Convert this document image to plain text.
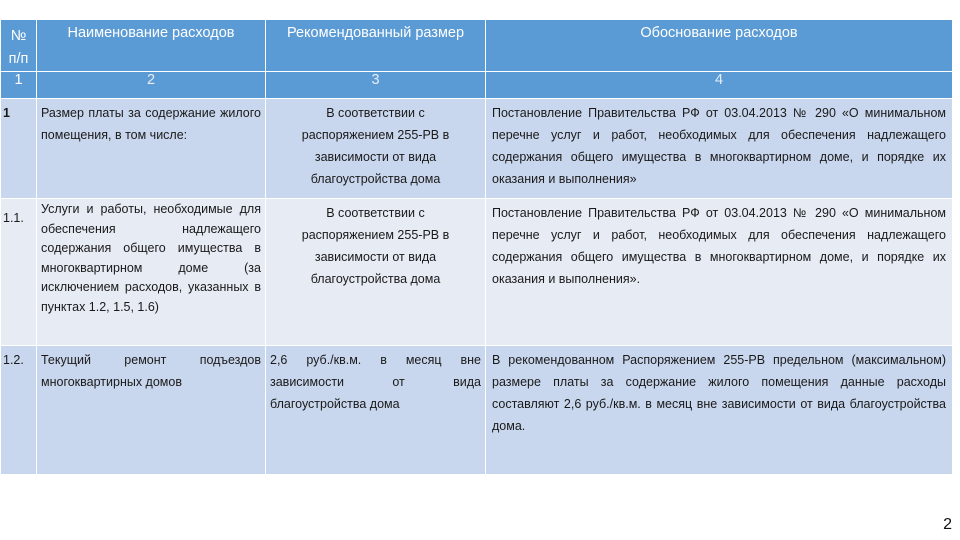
№ п/п	Наименование расходов	Рекомендованный размер	Обоснование расходов
1	2	3	4

1	Размер платы за содержание жилого помещения, в том числе:	В соответствии с распоряжением 255-РВ в зависимости от вида благоустройства дома	Постановление Правительства РФ от 03.04.2013 № 290 «О минимальном перечне услуг и работ, необходимых для обеспечения надлежащего содержания общего имущества в многоквартирном доме, и порядке их оказания и выполнения»

1.1.	Услуги и работы, необходимые для обеспечения надлежащего содержания общего имущества в многоквартирном доме (за исключением расходов, указанных в пунктах 1.2, 1.5, 1.6)	В соответствии с распоряжением 255-РВ в зависимости от вида благоустройства дома	Постановление Правительства РФ от 03.04.2013 № 290 «О минимальном перечне услуг и работ, необходимых для обеспечения надлежащего содержания общего имущества в многоквартирном доме, и порядке их оказания и выполнения».

1.2.	Текущий ремонт подъездов многоквартирных домов	2,6 руб./кв.м. в месяц вне зависимости от вида благоустройства дома	В рекомендованном Распоряжением 255-РВ предельном (максимальном) размере платы за содержание жилого помещения данные расходы составляют 2,6 руб./кв.м. в месяц вне зависимости от вида благоустройства дома.
2
